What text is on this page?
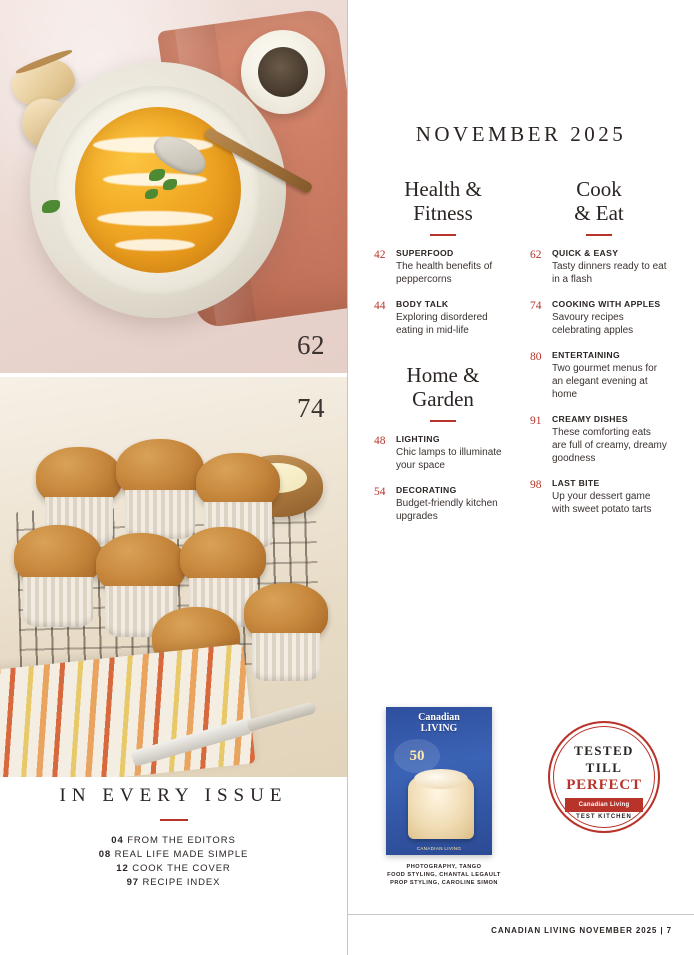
62
74
IN EVERY ISSUE
04 FROM THE EDITORS
08 REAL LIFE MADE SIMPLE
12 COOK THE COVER
97 RECIPE INDEX
NOVEMBER 2025
Health &
Fitness
42	SUPERFOOD

The health benefits of peppercorns

44	BODY TALK

Exploring disordered eating in mid-life

Home &
Garden
48	LIGHTING

Chic lamps to illuminate your space

54	DECORATING

Budget-friendly kitchen upgrades

Cook
& Eat
62	QUICK & EASY

Tasty dinners ready to eat in a flash

74	COOKING WITH APPLES

Savoury recipes celebrating apples

80	ENTERTAINING

Two gourmet menus for an elegant evening at home

91	CREAMY DISHES

These comforting eats are full of creamy, dreamy goodness

98	LAST BITE

Up your dessert game with sweet potato tarts

Canadian
LIVING
50
CANADIAN LIVING
PHOTOGRAPHY, TANGO
FOOD STYLING, CHANTAL LEGAULT
PROP STYLING, CAROLINE SIMON
TESTED
TILL
PERFECT
Canadian Living
TEST KITCHEN
CANADIAN LIVING NOVEMBER 2025 | 7
